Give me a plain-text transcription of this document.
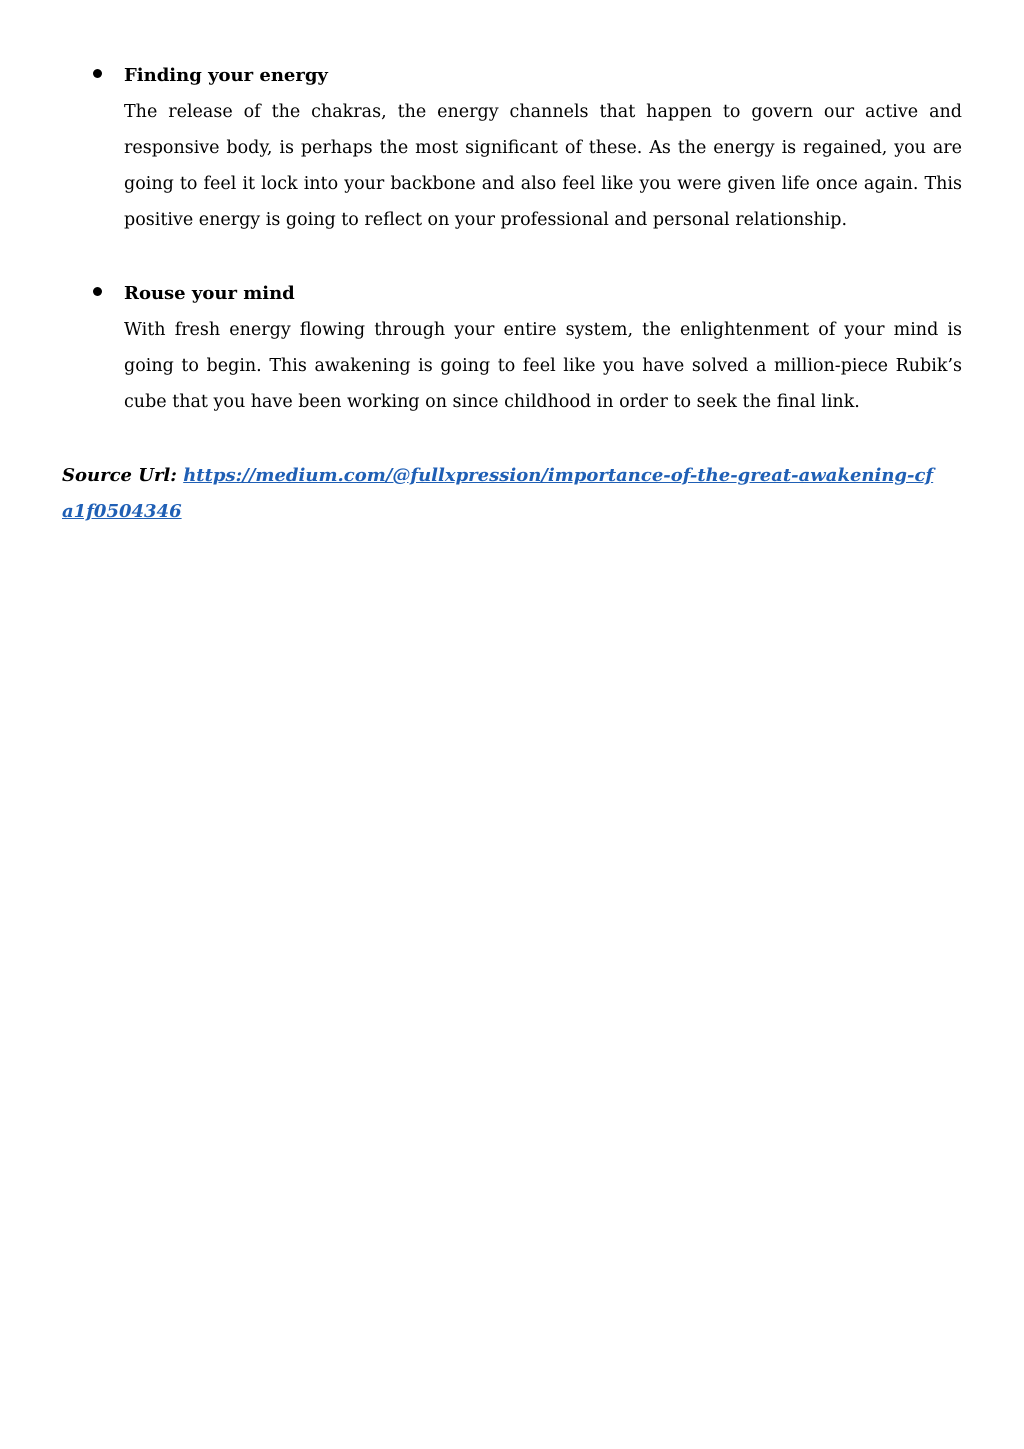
Finding your energy

The release of the chakras, the energy channels that happen to govern our active and responsive body, is perhaps the most significant of these. As the energy is regained, you are going to feel it lock into your backbone and also feel like you were given life once again. This positive energy is going to reflect on your professional and personal relationship.

Rouse your mind

With fresh energy flowing through your entire system, the enlightenment of your mind is going to begin. This awakening is going to feel like you have solved a million-piece Rubik’s cube that you have been working on since childhood in order to seek the final link.

Source Url: https://medium.com/@fullxpression/importance-of-the-great-awakening-cfa1f0504346
